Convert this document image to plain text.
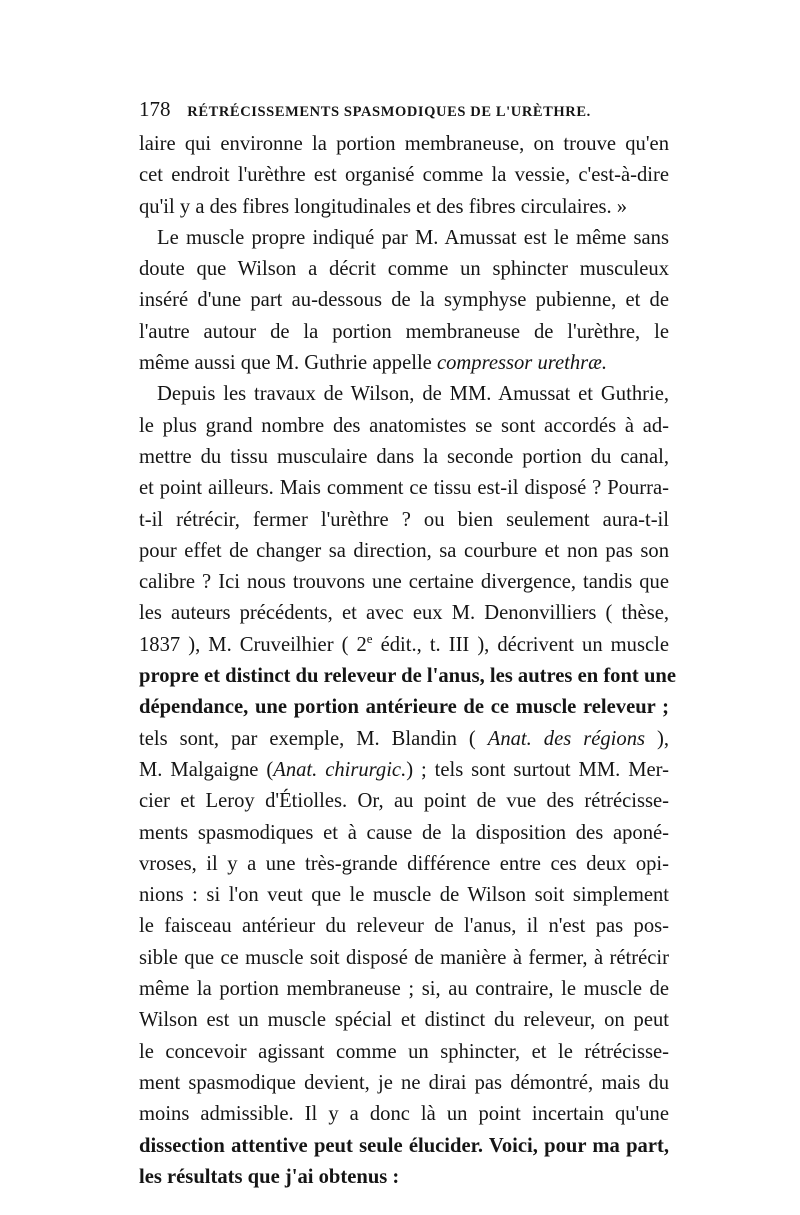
178 RÉTRÉCISSEMENTS SPASMODIQUES DE L'URÈTHRE.
laire qui environne la portion membraneuse, on trouve qu'en
cet endroit l'urèthre est organisé comme la vessie, c'est-à-dire
qu'il y a des fibres longitudinales et des fibres circulaires. »
Le muscle propre indiqué par M. Amussat est le même sans
doute que Wilson a décrit comme un sphincter musculeux
inséré d'une part au-dessous de la symphyse pubienne, et de
l'autre autour de la portion membraneuse de l'urèthre, le
même aussi que M. Guthrie appelle compressor urethræ.
Depuis les travaux de Wilson, de MM. Amussat et Guthrie,
le plus grand nombre des anatomistes se sont accordés à ad-
mettre du tissu musculaire dans la seconde portion du canal,
et point ailleurs. Mais comment ce tissu est-il disposé ? Pourra-
t-il rétrécir, fermer l'urèthre ? ou bien seulement aura-t-il
pour effet de changer sa direction, sa courbure et non pas son
calibre ? Ici nous trouvons une certaine divergence, tandis que
les auteurs précédents, et avec eux M. Denonvilliers ( thèse,
1837 ), M. Cruveilhier ( 2e édit., t. III ), décrivent un muscle
propre et distinct du releveur de l'anus, les autres en font une
dépendance, une portion antérieure de ce muscle releveur ;
tels sont, par exemple, M. Blandin ( Anat. des régions ),
M. Malgaigne (Anat. chirurgic.) ; tels sont surtout MM. Mer-
cier et Leroy d'Étiolles. Or, au point de vue des rétrécisse-
ments spasmodiques et à cause de la disposition des aponé-
vroses, il y a une très-grande différence entre ces deux opi-
nions : si l'on veut que le muscle de Wilson soit simplement
le faisceau antérieur du releveur de l'anus, il n'est pas pos-
sible que ce muscle soit disposé de manière à fermer, à rétrécir
même la portion membraneuse ; si, au contraire, le muscle de
Wilson est un muscle spécial et distinct du releveur, on peut
le concevoir agissant comme un sphincter, et le rétrécisse-
ment spasmodique devient, je ne dirai pas démontré, mais du
moins admissible. Il y a donc là un point incertain qu'une
dissection attentive peut seule élucider. Voici, pour ma part,
les résultats que j'ai obtenus :
